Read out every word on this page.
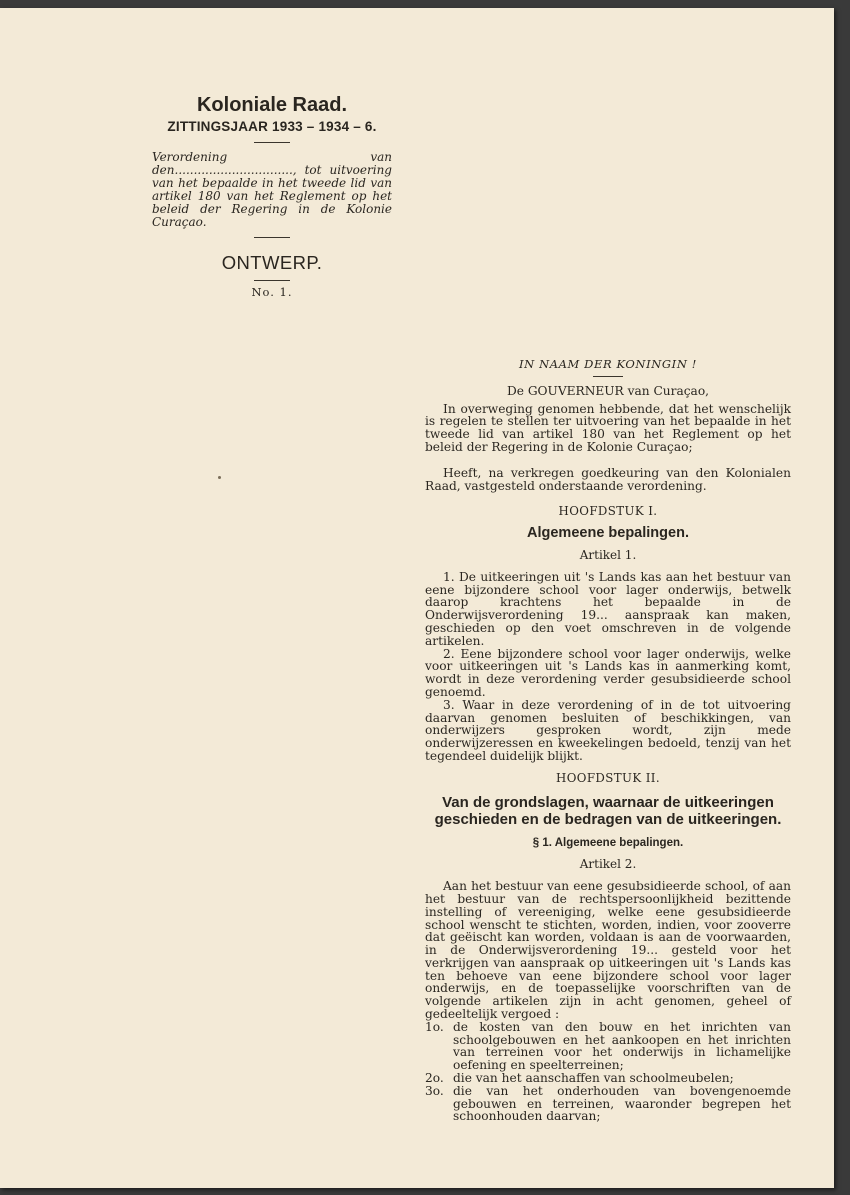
Koloniale Raad.

ZITTINGSJAAR 1933 – 1934 – 6.

Verordening van den..............................., tot uitvoering van het bepaalde in het tweede lid van artikel 180 van het Reglement op het beleid der Regering in de Kolonie Curaçao.

ONTWERP.

No. 1.

IN NAAM DER KONINGIN !

De GOUVERNEUR van Curaçao,

In overweging genomen hebbende, dat het wenschelijk is regelen te stellen ter uitvoering van het bepaalde in het tweede lid van artikel 180 van het Reglement op het beleid der Regering in de Kolonie Curaçao;

Heeft, na verkregen goedkeuring van den Kolonialen Raad, vastgesteld onderstaande verordening.

HOOFDSTUK I.

Algemeene bepalingen.

Artikel 1.

1. De uitkeeringen uit 's Lands kas aan het bestuur van eene bijzondere school voor lager onderwijs, betwelk daarop krachtens het bepaalde in de Onderwijsverordening 19... aanspraak kan maken, geschieden op den voet omschreven in de volgende artikelen.

2. Eene bijzondere school voor lager onderwijs, welke voor uitkeeringen uit 's Lands kas in aanmerking komt, wordt in deze verordening verder gesubsidieerde school genoemd.

3. Waar in deze verordening of in de tot uitvoering daarvan genomen besluiten of beschikkingen, van onderwijzers gesproken wordt, zijn mede onderwijzeressen en kweekelingen bedoeld, tenzij van het tegendeel duidelijk blijkt.

HOOFDSTUK II.

Van de grondslagen, waarnaar de uitkeeringen geschieden en de bedragen van de uitkeeringen.

§ 1. Algemeene bepalingen.

Artikel 2.

Aan het bestuur van eene gesubsidieerde school, of aan het bestuur van de rechtspersoonlijkheid bezittende instelling of vereeniging, welke eene gesubsidieerde school wenscht te stichten, worden, indien, voor zooverre dat geëischt kan worden, voldaan is aan de voorwaarden, in de Onderwijsverordening 19... gesteld voor het verkrijgen van aanspraak op uitkeeringen uit 's Lands kas ten behoeve van eene bijzondere school voor lager onderwijs, en de toepasselijke voorschriften van de volgende artikelen zijn in acht genomen, geheel of gedeeltelijk vergoed :

1o. de kosten van den bouw en het inrichten van schoolgebouwen en het aankoopen en het inrichten van terreinen voor het onderwijs in lichamelijke oefening en speelterreinen;
2o. die van het aanschaffen van schoolmeubelen;
3o. die van het onderhouden van bovengenoemde gebouwen en terreinen, waaronder begrepen het schoonhouden daarvan;
